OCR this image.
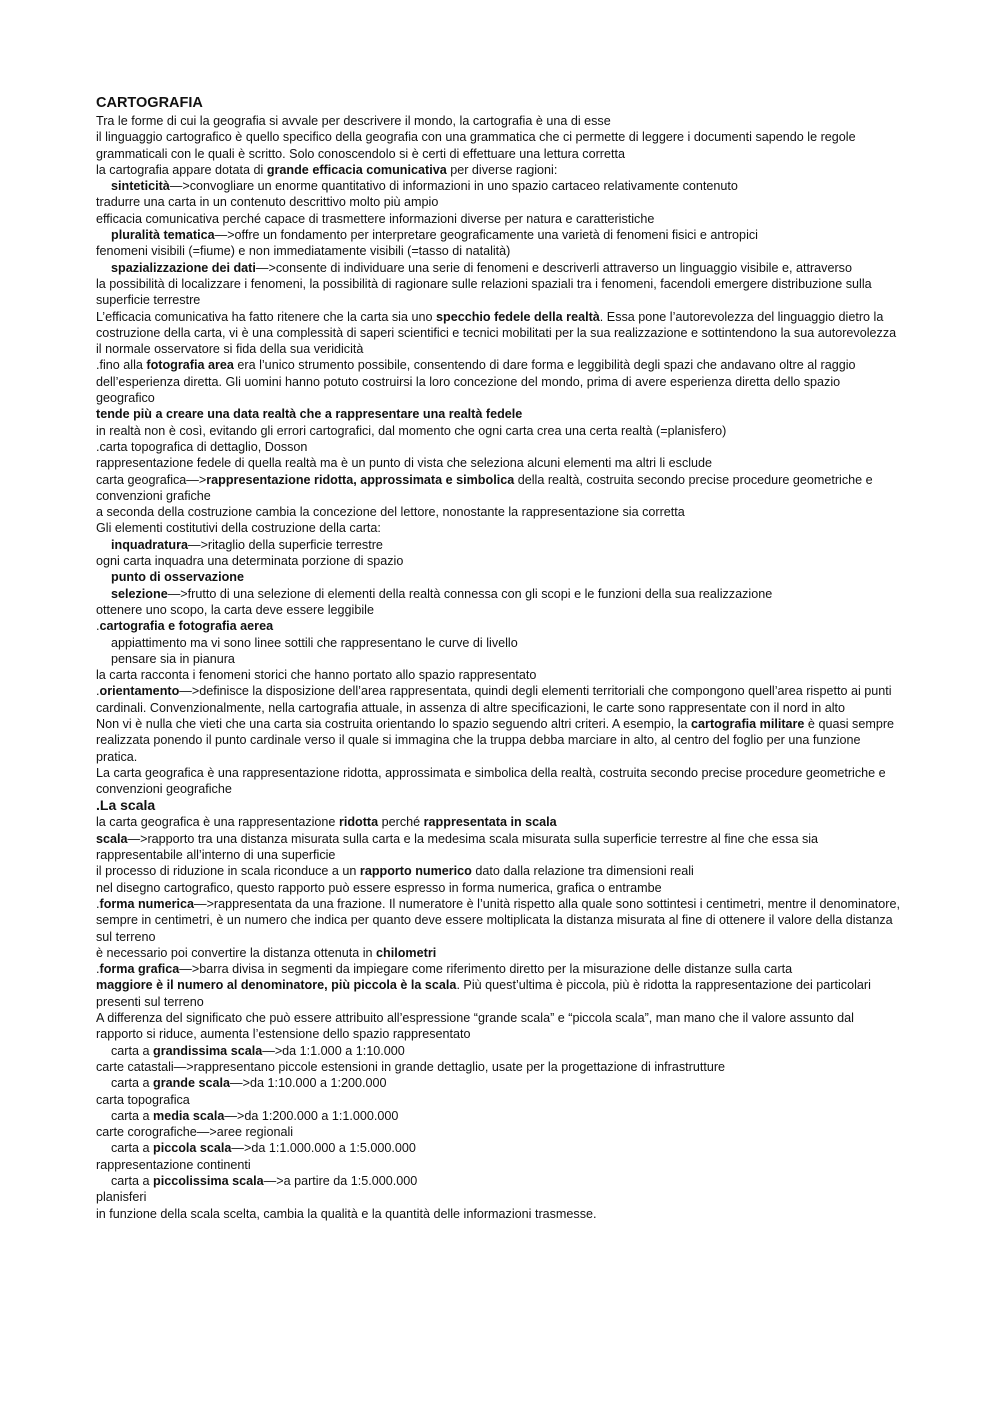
CARTOGRAFIA
Tra le forme di cui la geografia si avvale per descrivere il mondo, la cartografia è una di esse
il linguaggio cartografico è quello specifico della geografia con una grammatica che ci permette di leggere i documenti sapendo le regole grammaticali con le quali è scritto. Solo conoscendolo si è certi di effettuare una lettura corretta
la cartografia appare dotata di grande efficacia comunicativa per diverse ragioni:
sinteticità—>convogliare un enorme quantitativo di informazioni in uno spazio cartaceo relativamente contenuto
tradurre una carta in un contenuto descrittivo molto più ampio
efficacia comunicativa perché capace di trasmettere informazioni diverse per natura e caratteristiche
pluralità tematica—>offre un fondamento per interpretare geograficamente una varietà di fenomeni fisici e antropici
fenomeni visibili (=fiume) e non immediatamente visibili (=tasso di natalità)
spazializzazione dei dati—>consente di individuare una serie di fenomeni e descriverli attraverso un linguaggio visibile e, attraverso
la possibilità di localizzare i fenomeni, la possibilità di ragionare sulle relazioni spaziali tra i fenomeni, facendoli emergere distribuzione sulla superficie terrestre
L’efficacia comunicativa ha fatto ritenere che la carta sia uno specchio fedele della realtà. Essa pone l’autorevolezza del linguaggio dietro la costruzione della carta, vi è una complessità di saperi scientifici e tecnici mobilitati per la sua realizzazione e sottintendono la sua autorevolezza
il normale osservatore si fida della sua veridicità
.fino alla fotografia area era l’unico strumento possibile, consentendo di dare forma e leggibilità degli spazi che andavano oltre al raggio dell’esperienza diretta. Gli uomini hanno potuto costruirsi la loro concezione del mondo, prima di avere esperienza diretta dello spazio geografico
tende più a creare una data realtà che a rappresentare una realtà fedele
in realtà non è così, evitando gli errori cartografici, dal momento che ogni carta crea una certa realtà (=planisfero)
.carta topografica di dettaglio, Dosson
rappresentazione fedele di quella realtà ma è un punto di vista che seleziona alcuni elementi ma altri li esclude
carta geografica—>rappresentazione ridotta, approssimata e simbolica della realtà, costruita secondo precise procedure geometriche e convenzioni grafiche
a seconda della costruzione cambia la concezione del lettore, nonostante la rappresentazione sia corretta
Gli elementi costitutivi della costruzione della carta:
inquadratura—>ritaglio della superficie terrestre
ogni carta inquadra una determinata porzione di spazio
punto di osservazione
selezione—>frutto di una selezione di elementi della realtà connessa con gli scopi e le funzioni della sua realizzazione
ottenere uno scopo, la carta deve essere leggibile
.cartografia e fotografia aerea
appiattimento ma vi sono linee sottili che rappresentano le curve di livello
pensare sia in pianura
la carta racconta i fenomeni storici che hanno portato allo spazio rappresentato
.orientamento—>definisce la disposizione dell’area rappresentata, quindi degli elementi territoriali che compongono quell’area rispetto ai punti cardinali. Convenzionalmente, nella cartografia attuale, in assenza di altre specificazioni, le carte sono rappresentate con il nord in alto
Non vi è nulla che vieti che una carta sia costruita orientando lo spazio seguendo altri criteri. A esempio, la cartografia militare è quasi sempre realizzata ponendo il punto cardinale verso il quale si immagina che la truppa debba marciare in alto, al centro del foglio per una funzione pratica.
La carta geografica è una rappresentazione ridotta, approssimata e simbolica della realtà, costruita secondo precise procedure geometriche e convenzioni geografiche
.La scala
la carta geografica è una rappresentazione ridotta perché rappresentata in scala
scala—>rapporto tra una distanza misurata sulla carta e la medesima scala misurata sulla superficie terrestre al fine che essa sia rappresentabile all’interno di una superficie
il processo di riduzione in scala riconduce a un rapporto numerico dato dalla relazione tra dimensioni reali
nel disegno cartografico, questo rapporto può essere espresso in forma numerica, grafica o entrambe
.forma numerica—>rappresentata da una frazione. Il numeratore è l’unità rispetto alla quale sono sottintesi i centimetri, mentre il denominatore, sempre in centimetri, è un numero che indica per quanto deve essere moltiplicata la distanza misurata al fine di ottenere il valore della distanza sul terreno
è necessario poi convertire la distanza ottenuta in chilometri
.forma grafica—>barra divisa in segmenti da impiegare come riferimento diretto per la misurazione delle distanze sulla carta
maggiore è il numero al denominatore, più piccola è la scala. Più quest’ultima è piccola, più è ridotta la rappresentazione dei particolari presenti sul terreno
A differenza del significato che può essere attribuito all’espressione “grande scala” e “piccola scala”, man mano che il valore assunto dal rapporto si riduce, aumenta l’estensione dello spazio rappresentato
carta a grandissima scala—>da 1:1.000 a 1:10.000
carte catastali—>rappresentano piccole estensioni in grande dettaglio, usate per la progettazione di infrastrutture
carta a grande scala—>da 1:10.000 a 1:200.000
carta topografica
carta a media scala—>da 1:200.000 a 1:1.000.000
carte corografiche—>aree regionali
carta a piccola scala—>da 1:1.000.000 a 1:5.000.000
rappresentazione continenti
carta a piccolissima scala—>a partire da 1:5.000.000
planisferi
in funzione della scala scelta, cambia la qualità e la quantità delle informazioni trasmesse.
